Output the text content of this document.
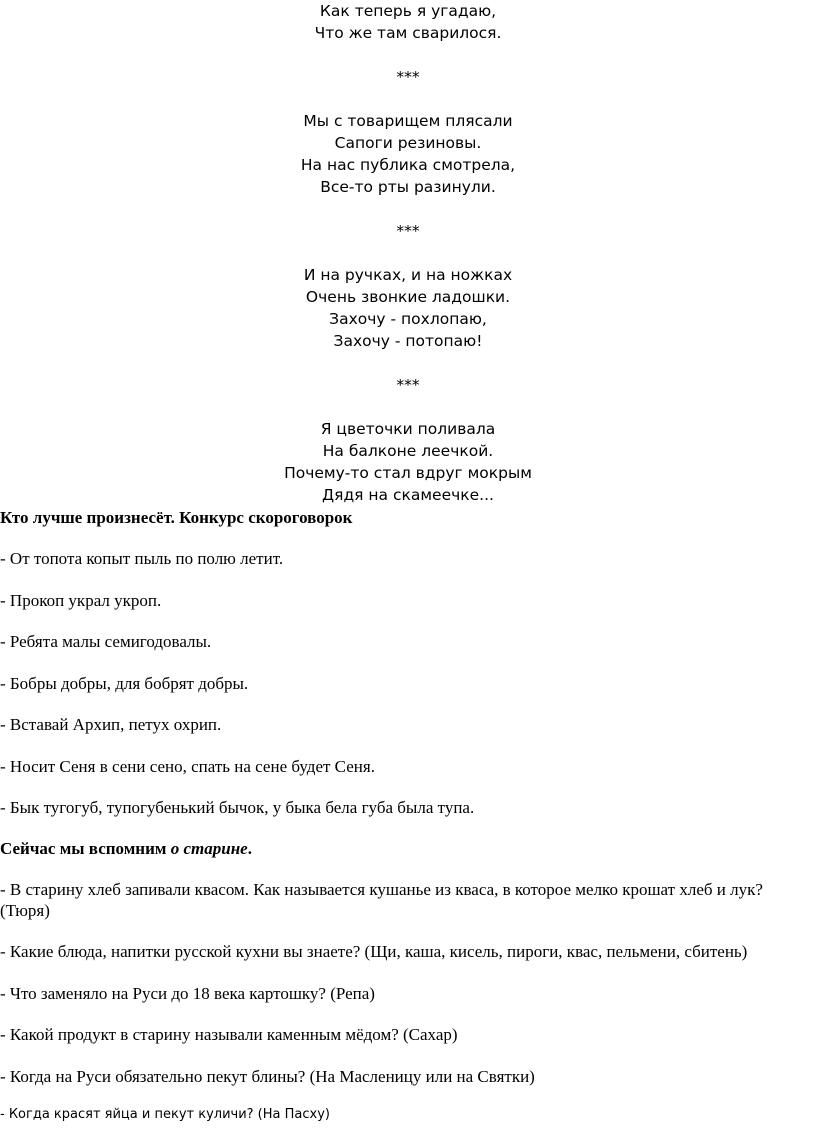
Как теперь я угадаю,
Что же там сварилося.
***
Мы с товарищем плясали
Сапоги резиновы.
На нас публика смотрела,
Все-то рты разинули.
***
И на ручках, и на ножках
Очень звонкие ладошки.
Захочу - похлопаю,
Захочу - потопаю!
***
Я цветочки поливала
На балконе леечкой.
Почему-то стал вдруг мокрым
Дядя на скамеечке...
Кто лучше произнесёт. Конкурс скороговорок
- От топота копыт пыль по полю летит.
- Прокоп украл укроп.
- Ребята малы семигодовалы.
- Бобры добры, для бобрят добры.
- Вставай Архип, петух охрип.
- Носит Сеня в сени сено, спать на сене будет Сеня.
- Бык тугогуб, тупогубенький бычок, у быка бела губа была тупа.
Сейчас мы вспомним о старине.
- В старину хлеб запивали квасом. Как называется кушанье из кваса, в которое мелко крошат хлеб и лук?
(Тюря)
- Какие блюда, напитки русской кухни вы знаете? (Щи, каша, кисель, пироги, квас, пельмени, сбитень)
- Что заменяло на Руси до 18 века картошку? (Репа)
- Какой продукт в старину называли каменным мёдом? (Сахар)
- Когда на Руси обязательно пекут блины? (На Масленицу или на Святки)
- Когда красят яйца и пекут куличи? (На Пасху)
